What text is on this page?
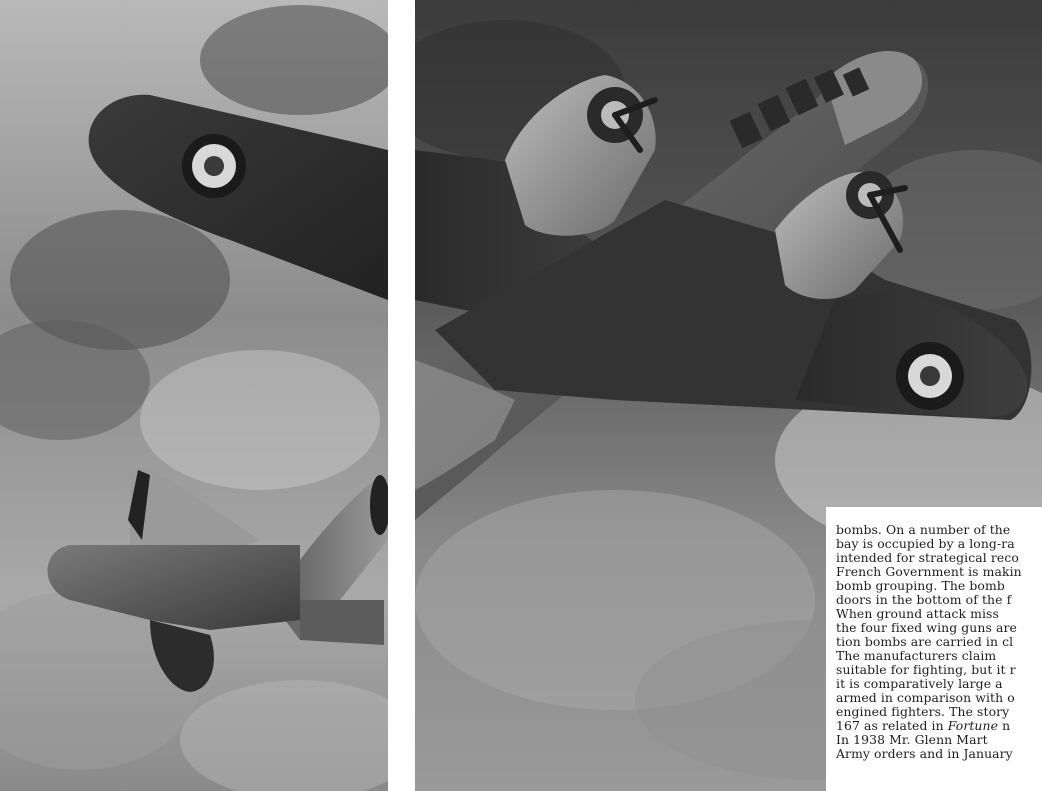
bombs. On a number of the
bay is occupied by a long-ra
intended for strategical reco
French Government is makin
bomb grouping. The bomb
doors in the bottom of the f
When ground attack miss
the four fixed wing guns are
tion bombs are carried in cl
The manufacturers claim
suitable for fighting, but it r
it is comparatively large a
armed in comparison with o
engined fighters. The story
167 as related in Fortune n
In 1938 Mr. Glenn Mart
Army orders and in January
